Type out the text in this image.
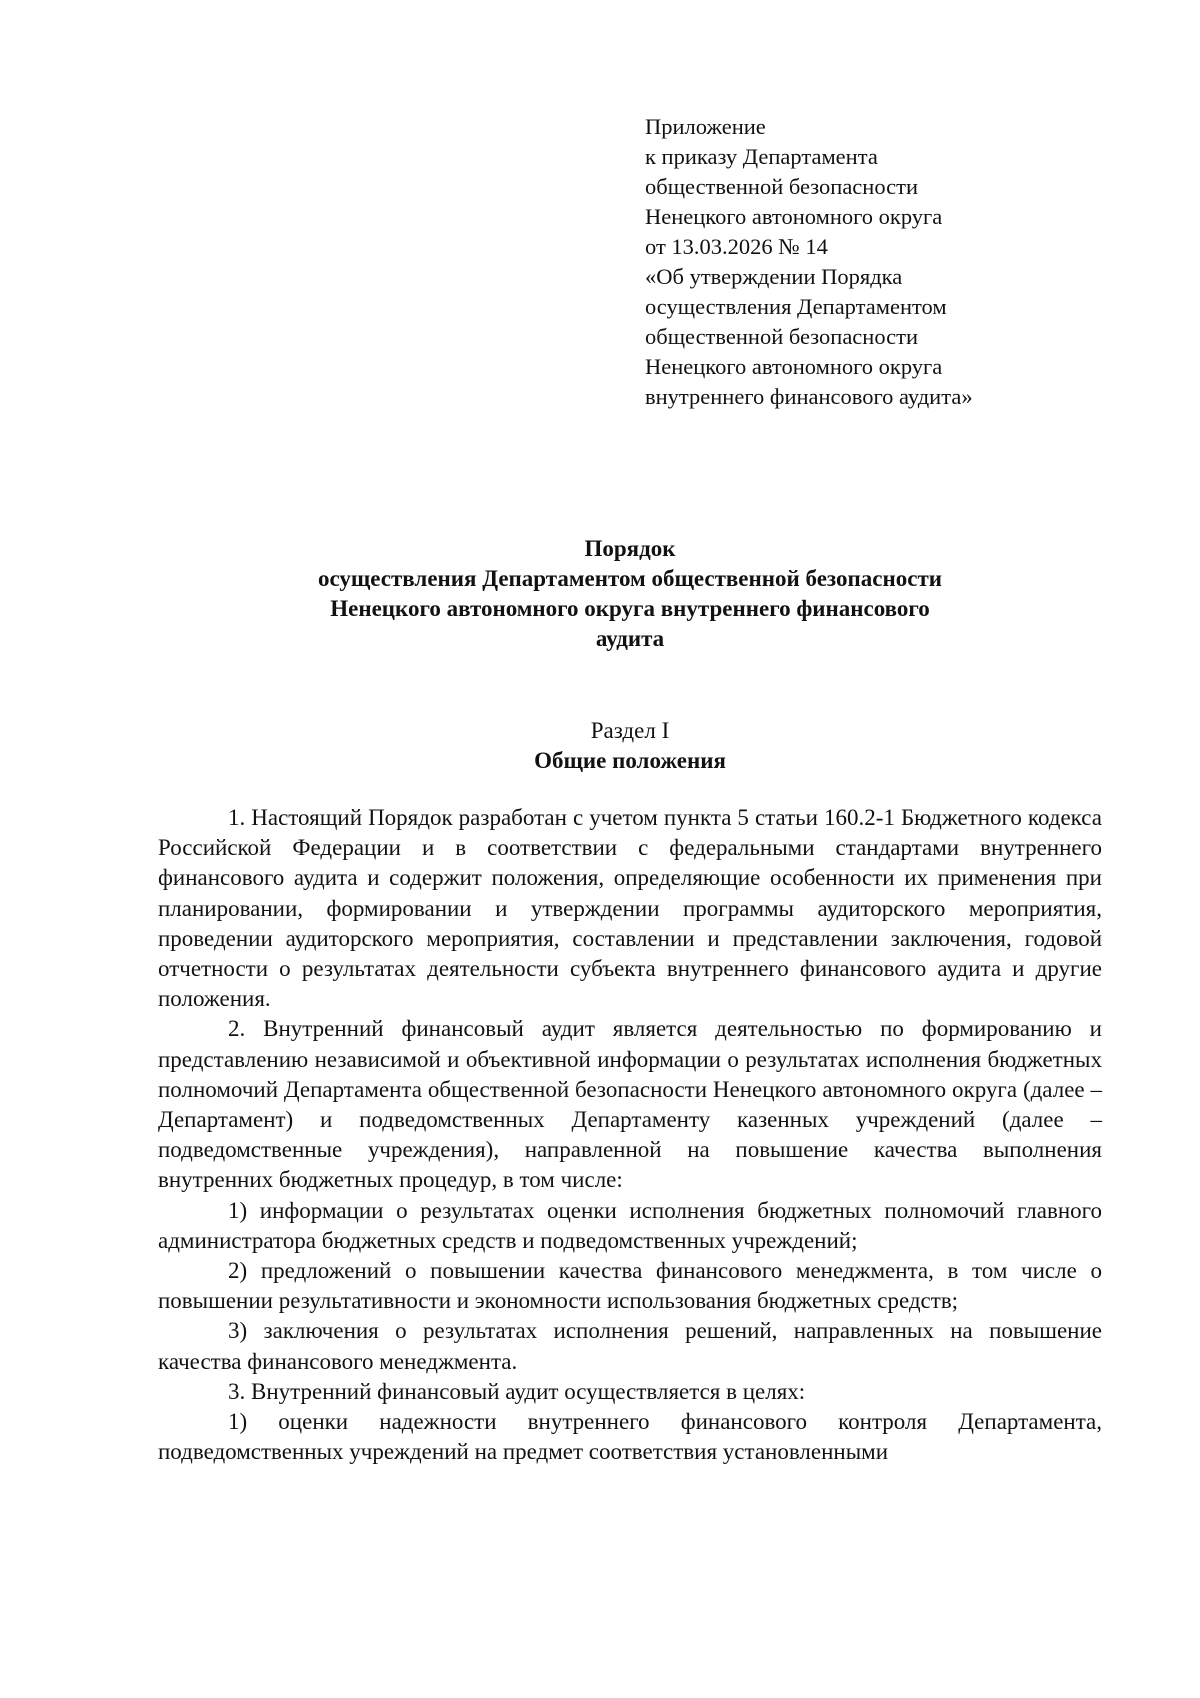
Приложение
к приказу Департамента
общественной безопасности
Ненецкого автономного округа
от 13.03.2026 № 14
«Об утверждении Порядка
осуществления Департаментом
общественной безопасности
Ненецкого автономного округа
внутреннего финансового аудита»
Порядок
осуществления Департаментом общественной безопасности
Ненецкого автономного округа внутреннего финансового
аудита
Раздел I
Общие положения

1. Настоящий Порядок разработан с учетом пункта 5 статьи 160.2-1 Бюджетного кодекса Российской Федерации и в соответствии с федеральными стандартами внутреннего финансового аудита и содержит положения, определяющие особенности их применения при планировании, формировании и утверждении программы аудиторского мероприятия, проведении аудиторского мероприятия, составлении и представлении заключения, годовой отчетности о результатах деятельности субъекта внутреннего финансового аудита и другие положения.

2. Внутренний финансовый аудит является деятельностью по формированию и представлению независимой и объективной информации о результатах исполнения бюджетных полномочий Департамента общественной безопасности Ненецкого автономного округа (далее – Департамент) и подведомственных Департаменту казенных учреждений (далее – подведомственные учреждения), направленной на повышение качества выполнения внутренних бюджетных процедур, в том числе:

1) информации о результатах оценки исполнения бюджетных полномочий главного администратора бюджетных средств и подведомственных учреждений;

2) предложений о повышении качества финансового менеджмента, в том числе о повышении результативности и экономности использования бюджетных средств;

3) заключения о результатах исполнения решений, направленных на повышение качества финансового менеджмента.

3. Внутренний финансовый аудит осуществляется в целях:

1) оценки надежности внутреннего финансового контроля Департамента, подведомственных учреждений на предмет соответствия установленными
